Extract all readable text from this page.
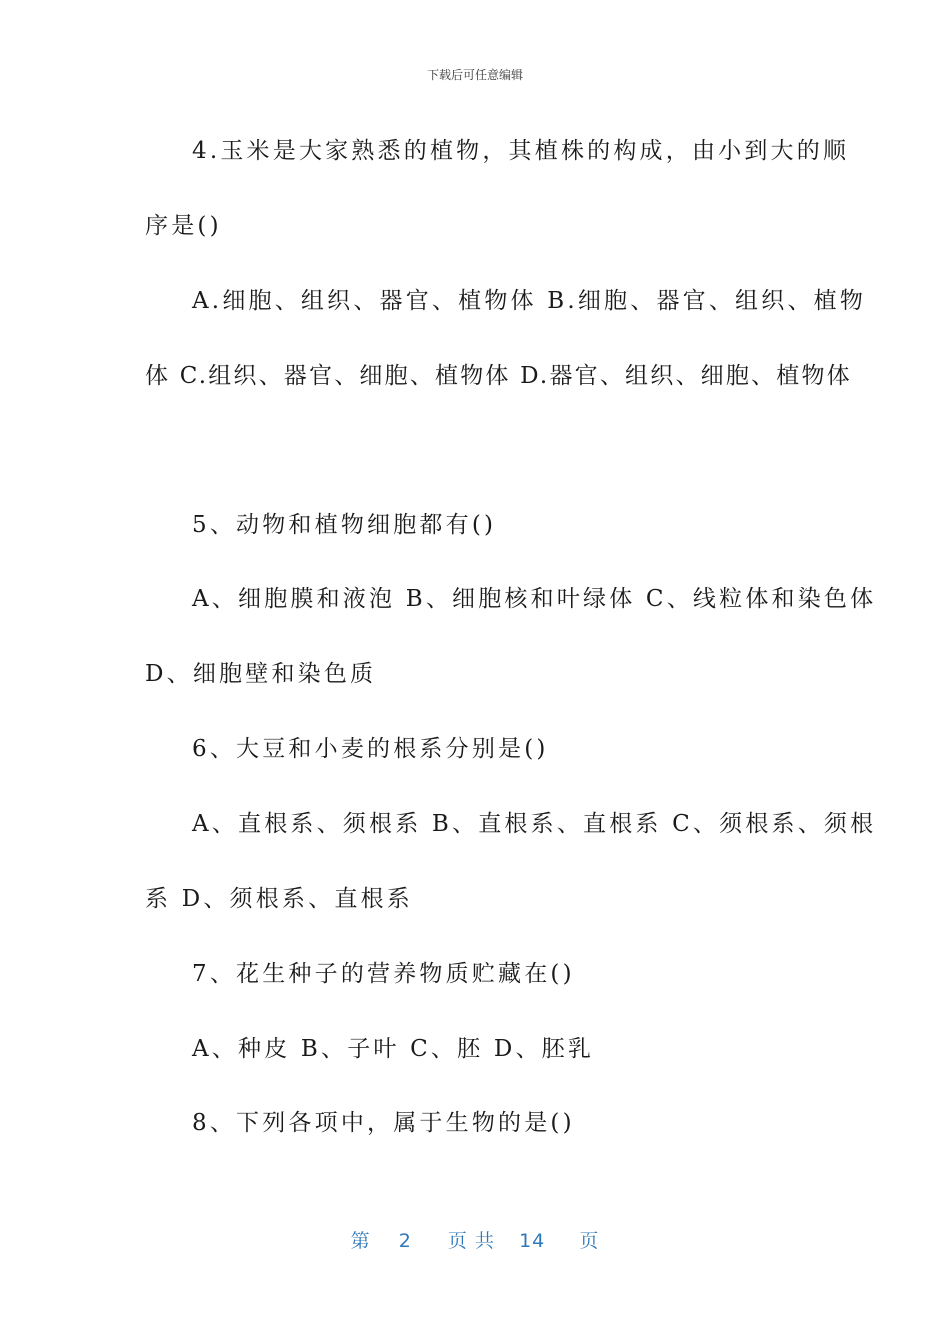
下载后可任意编辑
4.玉米是大家熟悉的植物，其植株的构成，由小到大的顺
序是()
A.细胞、组织、器官、植物体 B.细胞、器官、组织、植物
体 C.组织、器官、细胞、植物体 D.器官、组织、细胞、植物体
5、动物和植物细胞都有()
A、细胞膜和液泡 B、细胞核和叶绿体 C、线粒体和染色体
D、细胞壁和染色质
6、大豆和小麦的根系分别是()
A、直根系、须根系 B、直根系、直根系 C、须根系、须根
系 D、须根系、直根系
7、花生种子的营养物质贮藏在()
A、种皮 B、子叶 C、胚 D、胚乳
8、下列各项中，属于生物的是()
第 2 页 共 14 页
